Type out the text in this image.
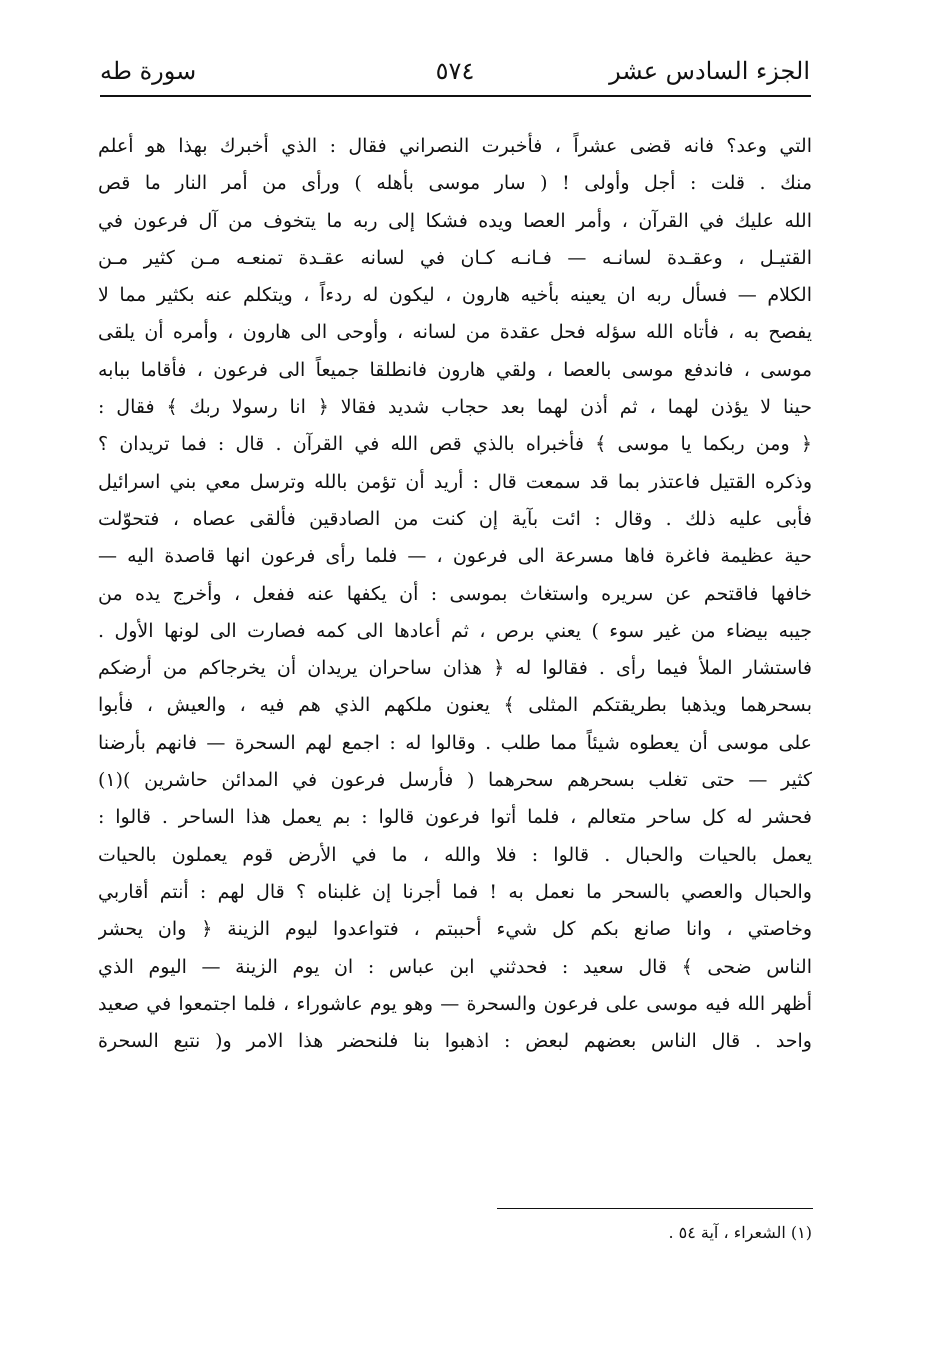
الجزء السادس عشر
٥٧٤
سورة طه
التي وعد؟ فانه قضى عشراً ، فأخبرت النصراني فقال : الذي أخبرك بهذا هو أعلم
منك . قلت : أجل وأولى ! ( سار موسى بأهله ) ورأى من أمر النار ما قص
الله عليك في القرآن ، وأمر العصا ويده فشكا إلى ربه ما يتخوف من آل فرعون في
القتيـل ، وعقـدة لسانـه — فـانـه كـان في لسانه عقـدة تمنعـه مـن كثير مـن
الكلام — فسأل ربه ان يعينه بأخيه هارون ، ليكون له ردءاً ، ويتكلم عنه بكثير مما لا
يفصح به ، فأتاه الله سؤله فحل عقدة من لسانه ، وأوحى الى هارون ، وأمره أن يلقى
موسى ، فاندفع موسى بالعصا ، ولقي هارون فانطلقا جميعاً الى فرعون ، فأقاما ببابه
حينا لا يؤذن لهما ، ثم أذن لهما بعد حجاب شديد فقالا ﴿ انا رسولا ربك ﴾ فقال :
﴿ ومن ربكما يا موسى ﴾ فأخبراه بالذي قص الله في القرآن . قال : فما تريدان ؟
وذكره القتيل فاعتذر بما قد سمعت قال : أريد أن تؤمن بالله وترسل معي بني اسرائيل
فأبى عليه ذلك . وقال : ائت بآية إن كنت من الصادقين فألقى عصاه ، فتحوّلت
حية عظيمة فاغرة فاها مسرعة الى فرعون ، — فلما رأى فرعون انها قاصدة اليه —
خافها فاقتحم عن سريره واستغاث بموسى : أن يكفها عنه ففعل ، وأخرج يده من
جيبه بيضاء من غير سوء ) يعني برص ، ثم أعادها الى كمه فصارت الى لونها الأول .
فاستشار الملأ فيما رأى . فقالوا له ﴿ هذان ساحران يريدان أن يخرجاكم من أرضكم
بسحرهما ويذهبا بطريقتكم المثلى ﴾ يعنون ملكهم الذي هم فيه ، والعيش ، فأبوا
على موسى أن يعطوه شيئاً مما طلب . وقالوا له : اجمع لهم السحرة — فانهم بأرضنا
كثير — حتى تغلب بسحرهم سحرهما ( فأرسل فرعون في المدائن حاشرين )(١)
فحشر له كل ساحر متعالم ، فلما أتوا فرعون قالوا : بم يعمل هذا الساحر . قالوا :
يعمل بالحيات والحبال . قالوا : فلا والله ، ما في الأرض قوم يعملون بالحيات
والحبال والعصي بالسحر ما نعمل به ! فما أجرنا إن غلبناه ؟ قال لهم : أنتم أقاربي
وخاصتي ، وانا صانع بكم كل شيء أحببتم ، فتواعدوا ليوم الزينة ﴿ وان يحشر
الناس ضحى ﴾ قال سعيد : فحدثني ابن عباس : ان يوم الزينة — اليوم الذي
أظهر الله فيه موسى على فرعون والسحرة — وهو يوم عاشوراء ، فلما اجتمعوا في صعيد
واحد . قال الناس بعضهم لبعض : اذهبوا بنا فلنحضر هذا الامر و( نتبع السحرة
(١) الشعراء ، آية ٥٤ .
